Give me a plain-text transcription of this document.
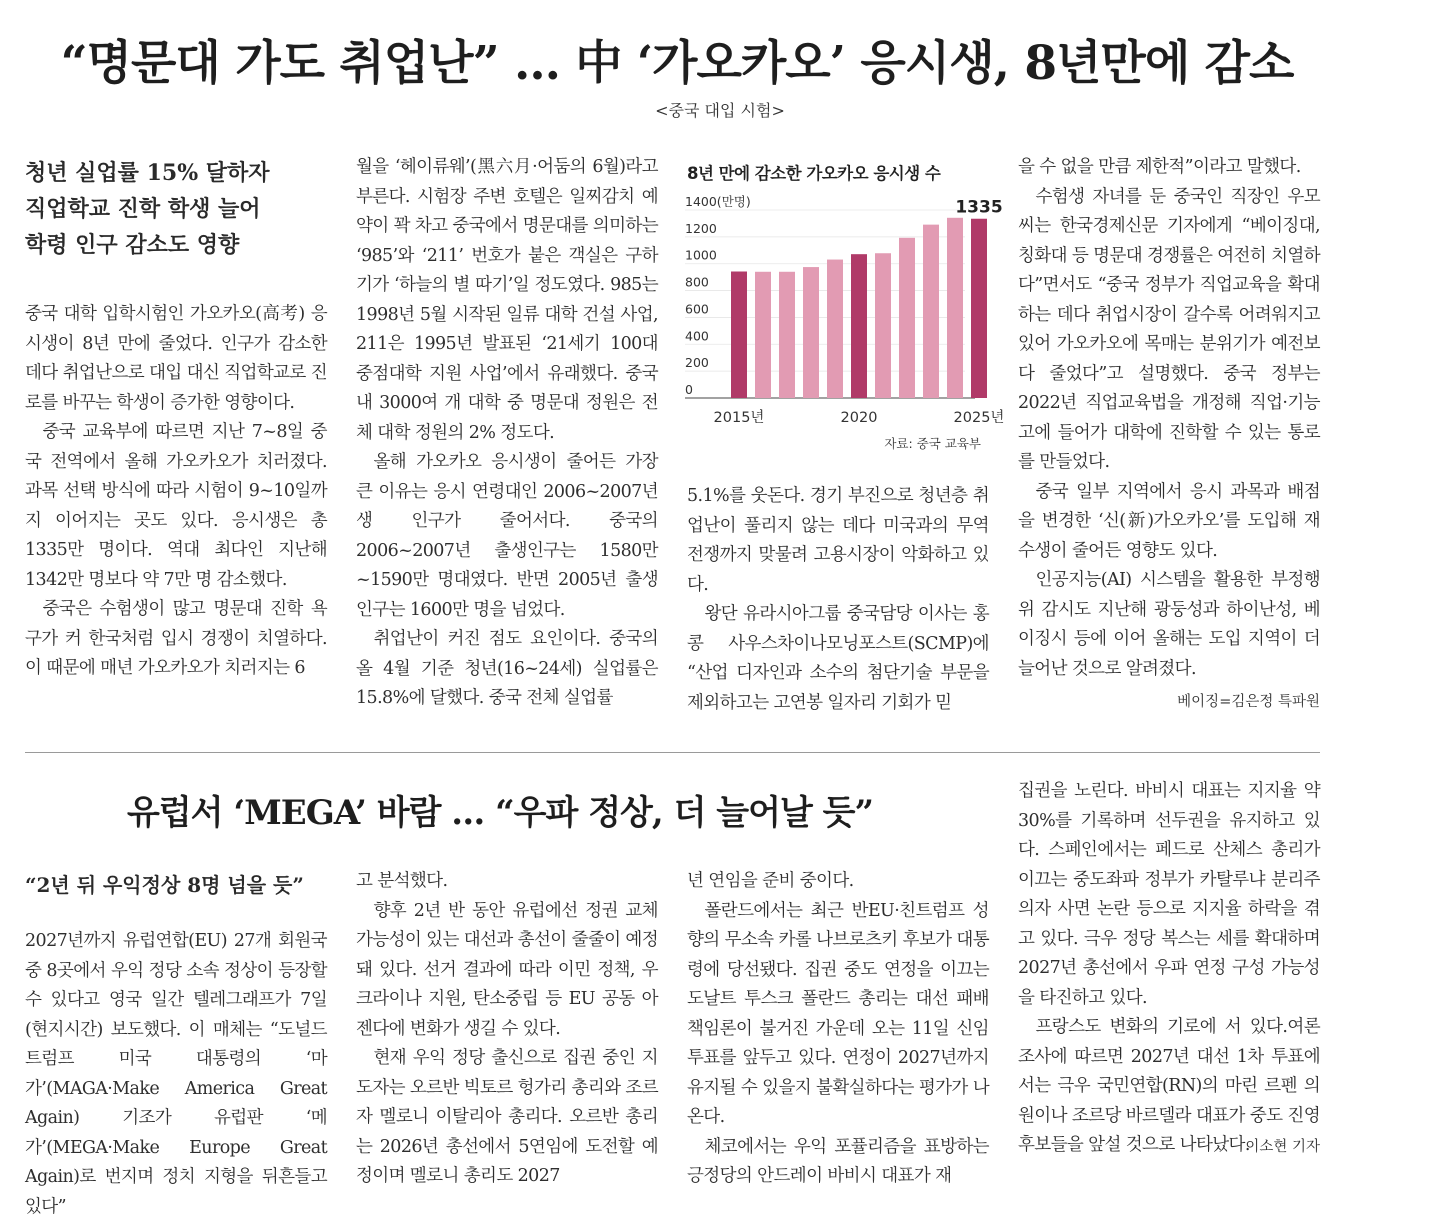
“명문대 가도 취업난” … 中 ‘가오카오’ 응시생, 8년만에 감소
<중국 대입 시험>
청년 실업률 15% 달하자
직업학교 진학 학생 늘어
학령 인구 감소도 영향

중국 대학 입학시험인 가오카오(高考) 응시생이 8년 만에 줄었다. 인구가 감소한 데다 취업난으로 대입 대신 직업학교로 진로를 바꾸는 학생이 증가한 영향이다.

중국 교육부에 따르면 지난 7~8일 중국 전역에서 올해 가오카오가 치러졌다. 과목 선택 방식에 따라 시험이 9~10일까지 이어지는 곳도 있다. 응시생은 총 1335만 명이다. 역대 최다인 지난해 1342만 명보다 약 7만 명 감소했다.

중국은 수험생이 많고 명문대 진학 욕구가 커 한국처럼 입시 경쟁이 치열하다. 이 때문에 매년 가오카오가 치러지는 6

월을 ‘헤이류웨’(黑六月·어둠의 6월)라고 부른다. 시험장 주변 호텔은 일찌감치 예약이 꽉 차고 중국에서 명문대를 의미하는 ‘985’와 ‘211’ 번호가 붙은 객실은 구하기가 ‘하늘의 별 따기’일 정도였다. 985는 1998년 5월 시작된 일류 대학 건설 사업, 211은 1995년 발표된 ‘21세기 100대 중점대학 지원 사업’에서 유래했다. 중국 내 3000여 개 대학 중 명문대 정원은 전체 대학 정원의 2% 정도다.

올해 가오카오 응시생이 줄어든 가장 큰 이유는 응시 연령대인 2006~2007년생 인구가 줄어서다. 중국의 2006~2007년 출생인구는 1580만~1590만 명대였다. 반면 2005년 출생인구는 1600만 명을 넘었다.

취업난이 커진 점도 요인이다. 중국의 올 4월 기준 청년(16~24세) 실업률은 15.8%에 달했다. 중국 전체 실업률

8년 만에 감소한 가오카오 응시생 수
0
200
400
600
800
1000
1200
1400(만명)
2015년	2020	2025년
1335
자료: 중국 교육부

5.1%를 웃돈다. 경기 부진으로 청년층 취업난이 풀리지 않는 데다 미국과의 무역 전쟁까지 맞물려 고용시장이 악화하고 있다.

왕단 유라시아그룹 중국담당 이사는 홍콩 사우스차이나모닝포스트(SCMP)에 “산업 디자인과 소수의 첨단기술 부문을 제외하고는 고연봉 일자리 기회가 믿

을 수 없을 만큼 제한적”이라고 말했다.

수험생 자녀를 둔 중국인 직장인 우모씨는 한국경제신문 기자에게 “베이징대, 칭화대 등 명문대 경쟁률은 여전히 치열하다”면서도 “중국 정부가 직업교육을 확대하는 데다 취업시장이 갈수록 어려워지고 있어 가오카오에 목매는 분위기가 예전보다 줄었다”고 설명했다. 중국 정부는 2022년 직업교육법을 개정해 직업·기능고에 들어가 대학에 진학할 수 있는 통로를 만들었다.

중국 일부 지역에서 응시 과목과 배점을 변경한 ‘신(新)가오카오’를 도입해 재수생이 줄어든 영향도 있다.

인공지능(AI) 시스템을 활용한 부정행위 감시도 지난해 광둥성과 하이난성, 베이징시 등에 이어 올해는 도입 지역이 더 늘어난 것으로 알려졌다.

베이징=김은정 특파원
유럽서 ‘MEGA’ 바람 … “우파 정상, 더 늘어날 듯”
“2년 뒤 우익정상 8명 넘을 듯”

2027년까지 유럽연합(EU) 27개 회원국 중 8곳에서 우익 정당 소속 정상이 등장할 수 있다고 영국 일간 텔레그래프가 7일(현지시간) 보도했다. 이 매체는 “도널드 트럼프 미국 대통령의 ‘마가’(MAGA·Make America Great Again) 기조가 유럽판 ‘메가’(MEGA·Make Europe Great Again)로 번지며 정치 지형을 뒤흔들고 있다”

고 분석했다.

향후 2년 반 동안 유럽에선 정권 교체 가능성이 있는 대선과 총선이 줄줄이 예정돼 있다. 선거 결과에 따라 이민 정책, 우크라이나 지원, 탄소중립 등 EU 공동 아젠다에 변화가 생길 수 있다.

현재 우익 정당 출신으로 집권 중인 지도자는 오르반 빅토르 헝가리 총리와 조르자 멜로니 이탈리아 총리다. 오르반 총리는 2026년 총선에서 5연임에 도전할 예정이며 멜로니 총리도 2027

년 연임을 준비 중이다.

폴란드에서는 최근 반EU·친트럼프 성향의 무소속 카롤 나브로츠키 후보가 대통령에 당선됐다. 집권 중도 연정을 이끄는 도날트 투스크 폴란드 총리는 대선 패배 책임론이 불거진 가운데 오는 11일 신임투표를 앞두고 있다. 연정이 2027년까지 유지될 수 있을지 불확실하다는 평가가 나온다.

체코에서는 우익 포퓰리즘을 표방하는 긍정당의 안드레이 바비시 대표가 재

집권을 노린다. 바비시 대표는 지지율 약 30%를 기록하며 선두권을 유지하고 있다. 스페인에서는 페드로 산체스 총리가 이끄는 중도좌파 정부가 카탈루냐 분리주의자 사면 논란 등으로 지지율 하락을 겪고 있다. 극우 정당 복스는 세를 확대하며 2027년 총선에서 우파 연정 구성 가능성을 타진하고 있다.

프랑스도 변화의 기로에 서 있다.여론조사에 따르면 2027년 대선 1차 투표에서는 극우 국민연합(RN)의 마린 르펜 의원이나 조르당 바르델라 대표가 중도 진영 후보들을 앞설 것으로 나타났다.

이소현 기자
